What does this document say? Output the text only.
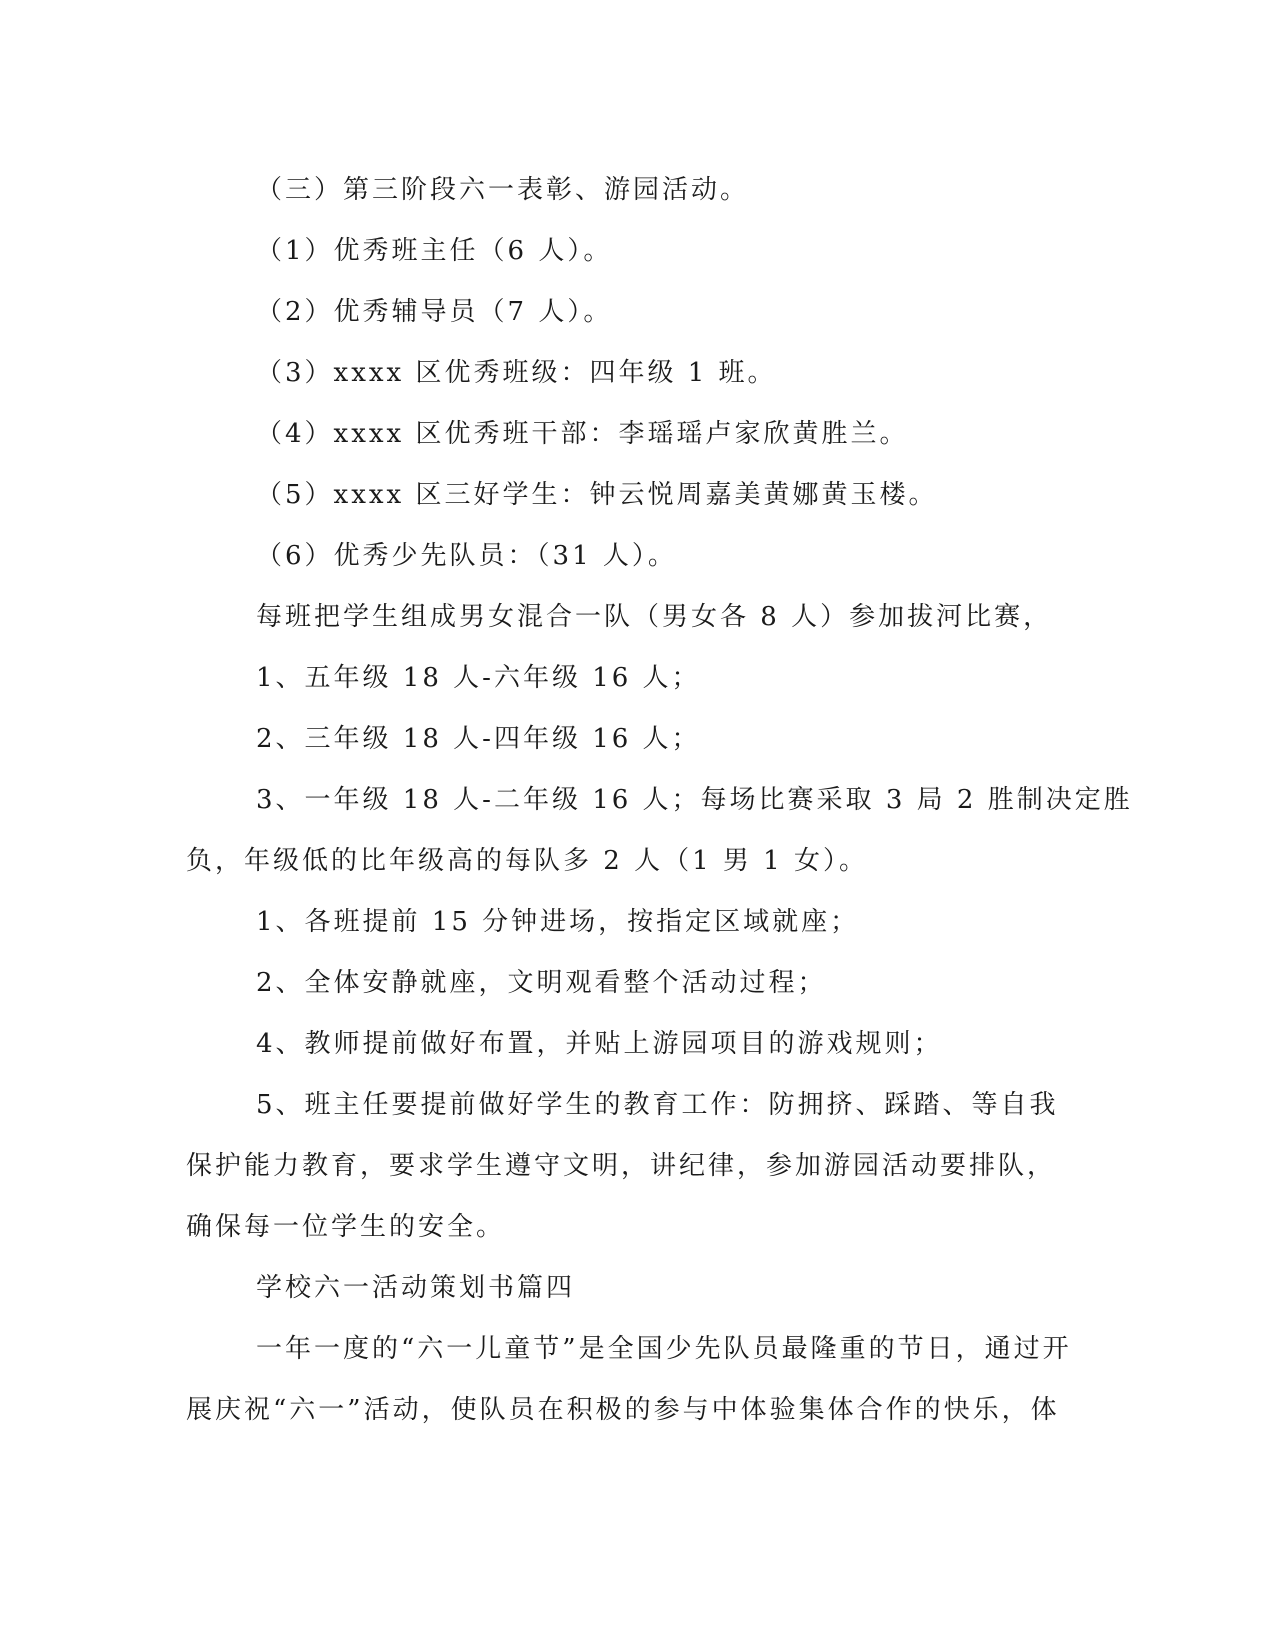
（三）第三阶段六一表彰、游园活动。
（1）优秀班主任（6 人）。
（2）优秀辅导员（7 人）。
（3）xxxx 区优秀班级：四年级 1 班。
（4）xxxx 区优秀班干部：李瑶瑶卢家欣黄胜兰。
（5）xxxx 区三好学生：钟云悦周嘉美黄娜黄玉楼。
（6）优秀少先队员：（31 人）。
每班把学生组成男女混合一队（男女各 8 人）参加拔河比赛，
1、五年级 18 人-六年级 16 人；
2、三年级 18 人-四年级 16 人；
3、一年级 18 人-二年级 16 人；每场比赛采取 3 局 2 胜制决定胜
负，年级低的比年级高的每队多 2 人（1 男 1 女）。
1、各班提前 15 分钟进场，按指定区域就座；
2、全体安静就座，文明观看整个活动过程；
4、教师提前做好布置，并贴上游园项目的游戏规则；
5、班主任要提前做好学生的教育工作：防拥挤、踩踏、等自我
保护能力教育，要求学生遵守文明，讲纪律，参加游园活动要排队，
确保每一位学生的安全。
学校六一活动策划书篇四
一年一度的“六一儿童节”是全国少先队员最隆重的节日，通过开
展庆祝“六一”活动，使队员在积极的参与中体验集体合作的快乐，体
